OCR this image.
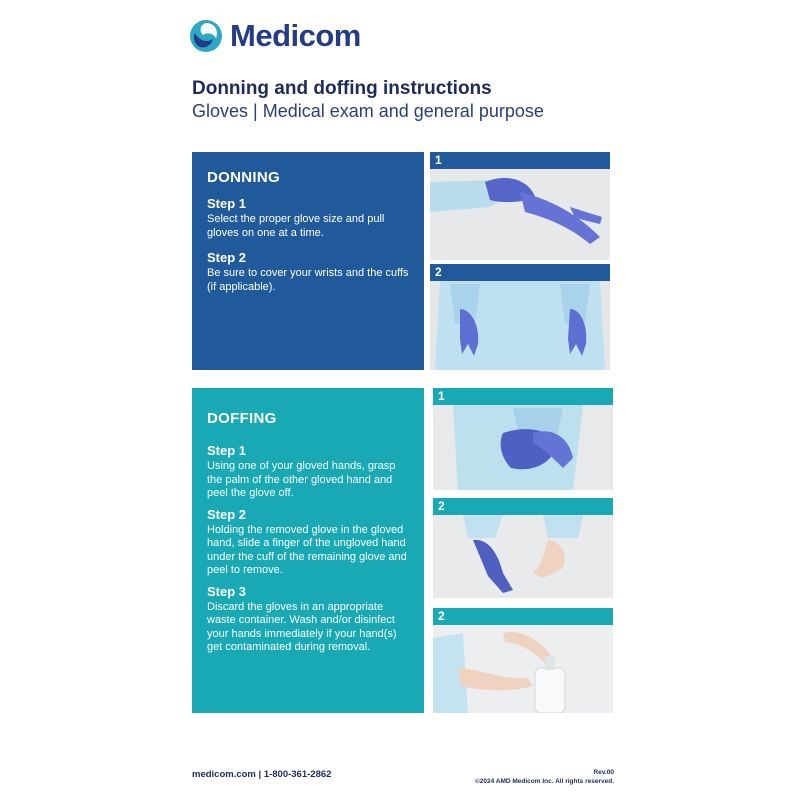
Medicom
Donning and doffing instructions
Gloves | Medical exam and general purpose
DONNING
Step 1
Select the proper glove size and pull gloves on one at a time.
Step 2
Be sure to cover your wrists and the cuffs (if applicable).
1
2
DOFFING
Step 1
Using one of your gloved hands, grasp the palm of the other gloved hand and peel the glove off.
Step 2
Holding the removed glove in the gloved hand, slide a finger of the ungloved hand under the cuff of the remaining glove and peel to remove.
Step 3
Discard the gloves in an appropriate waste container. Wash and/or disinfect your hands immediately if your hand(s) get contaminated during removal.
1
2
2
medicom.com | 1-800-361-2862	Rev.00
©2024 AMD Medicom Inc. All rights reserved.
